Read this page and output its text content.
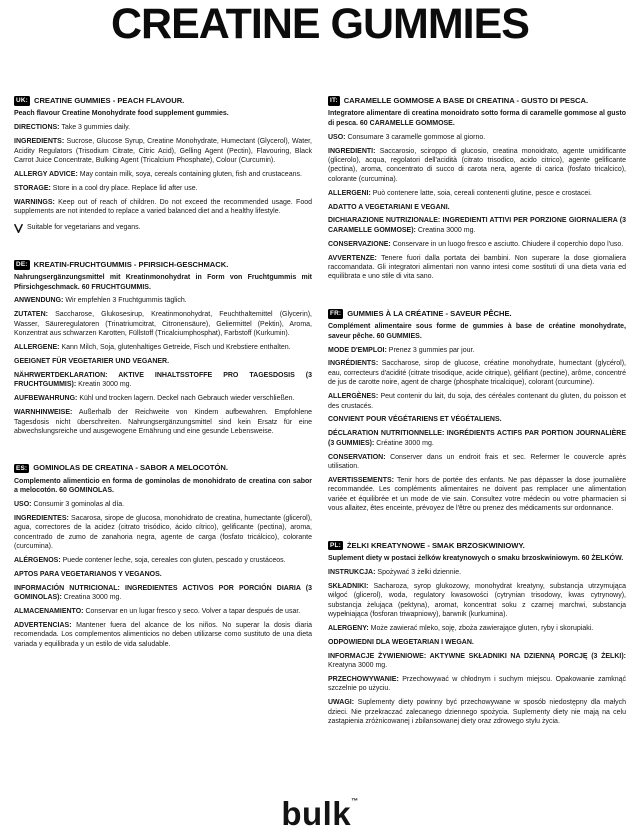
CREATINE GUMMIES
UK: CREATINE GUMMIES - PEACH FLAVOUR.

Peach flavour Creatine Monohydrate food supplement gummies.

DIRECTIONS: Take 3 gummies daily.

INGREDIENTS: Sucrose, Glucose Syrup, Creatine Monohydrate, Humectant (Glycerol), Water, Acidity Regulators (Trisodium Citrate, Citric Acid), Gelling Agent (Pectin), Flavouring, Black Carrot Juice Concentrate, Bulking Agent (Tricalcium Phosphate), Colour (Curcumin).

ALLERGY ADVICE: May contain milk, soya, cereals containing gluten, fish and crustaceans.

STORAGE: Store in a cool dry place. Replace lid after use.

WARNINGS: Keep out of reach of children. Do not exceed the recommended usage. Food supplements are not intended to replace a varied balanced diet and a healthy lifestyle.

Suitable for vegetarians and vegans.

DE: KREATIN-FRUCHTGUMMIS - PFIRSICH-GESCHMACK.

Nahrungsergänzungsmittel mit Kreatinmonohydrat in Form von Fruchtgummis mit Pfirsichgeschmack. 60 FRUCHTGUMMIS.

ANWENDUNG: Wir empfehlen 3 Fruchtgummis täglich.

ZUTATEN: Saccharose, Glukosesirup, Kreatinmonohydrat, Feuchthaltemittel (Glycerin), Wasser, Säureregulatoren (Trinatriumcitrat, Citronensäure), Geliermittel (Pektin), Aroma, Konzentrat aus schwarzen Karotten, Füllstoff (Tricalciumphosphat), Farbstoff (Kurkumin).

ALLERGENE: Kann Milch, Soja, glutenhaltiges Getreide, Fisch und Krebstiere enthalten.

GEEIGNET FÜR VEGETARIER UND VEGANER.

NÄHRWERTDEKLARATION: AKTIVE INHALTSSTOFFE PRO TAGESDOSIS (3 FRUCHTGUMMIS): Kreatin 3000 mg.

AUFBEWAHRUNG: Kühl und trocken lagern. Deckel nach Gebrauch wieder verschließen.

WARNHINWEISE: Außerhalb der Reichweite von Kindern aufbewahren. Empfohlene Tagesdosis nicht überschreiten. Nahrungsergänzungsmittel sind kein Ersatz für eine abwechslungsreiche und ausgewogene Ernährung und eine gesunde Lebensweise.

ES: GOMINOLAS DE CREATINA - SABOR A MELOCOTÓN.

Complemento alimenticio en forma de gominolas de monohidrato de creatina con sabor a melocotón. 60 GOMINOLAS.

USO: Consumir 3 gominolas al día.

INGREDIENTES: Sacarosa, sirope de glucosa, monohidrato de creatina, humectante (glicerol), agua, correctores de la acidez (citrato trisódico, ácido cítrico), gelificante (pectina), aroma, concentrado de zumo de zanahoria negra, agente de carga (fosfato tricálcico), colorante (curcumina).

ALÉRGENOS: Puede contener leche, soja, cereales con gluten, pescado y crustáceos.

APTOS PARA VEGETARIANOS Y VEGANOS.

INFORMACIÓN NUTRICIONAL: INGREDIENTES ACTIVOS POR PORCIÓN DIARIA (3 GOMINOLAS): Creatina 3000 mg.

ALMACENAMIENTO: Conservar en un lugar fresco y seco. Volver a tapar después de usar.

ADVERTENCIAS: Mantener fuera del alcance de los niños. No superar la dosis diaria recomendada. Los complementos alimenticios no deben utilizarse como sustituto de una dieta variada y equilibrada y un estilo de vida saludable.

IT: CARAMELLE GOMMOSE A BASE DI CREATINA - GUSTO DI PESCA.

Integratore alimentare di creatina monoidrato sotto forma di caramelle gommose al gusto di pesca. 60 CARAMELLE GOMMOSE.

USO: Consumare 3 caramelle gommose al giorno.

INGREDIENTI: Saccarosio, sciroppo di glucosio, creatina monoidrato, agente umidificante (glicerolo), acqua, regolatori dell'acidità (citrato trisodico, acido citrico), agente gelificante (pectina), aroma, concentrato di succo di carota nera, agente di carica (fosfato tricalcico), colorante (curcumina).

ALLERGENI: Può contenere latte, soia, cereali contenenti glutine, pesce e crostacei.

ADATTO A VEGETARIANI E VEGANI.

DICHIARAZIONE NUTRIZIONALE: INGREDIENTI ATTIVI PER PORZIONE GIORNALIERA (3 CARAMELLE GOMMOSE): Creatina 3000 mg.

CONSERVAZIONE: Conservare in un luogo fresco e asciutto. Chiudere il coperchio dopo l'uso.

AVVERTENZE: Tenere fuori dalla portata dei bambini. Non superare la dose giornaliera raccomandata. Gli integratori alimentari non vanno intesi come sostituti di una dieta varia ed equilibrata e uno stile di vita sano.

FR: GUMMIES À LA CRÉATINE - SAVEUR PÊCHE.

Complément alimentaire sous forme de gummies à base de créatine monohydrate, saveur pêche. 60 GUMMIES.

MODE D'EMPLOI: Prenez 3 gummies par jour.

INGRÉDIENTS: Saccharose, sirop de glucose, créatine monohydrate, humectant (glycérol), eau, correcteurs d'acidité (citrate trisodique, acide citrique), gélifiant (pectine), arôme, concentré de jus de carotte noire, agent de charge (phosphate tricalcique), colorant (curcumine).

ALLERGÈNES: Peut contenir du lait, du soja, des céréales contenant du gluten, du poisson et des crustacés.

CONVIENT POUR VÉGÉTARIENS ET VÉGÉTALIENS.

DÉCLARATION NUTRITIONNELLE: INGRÉDIENTS ACTIFS PAR PORTION JOURNALIÈRE (3 GUMMIES): Créatine 3000 mg.

CONSERVATION: Conserver dans un endroit frais et sec. Refermer le couvercle après utilisation.

AVERTISSEMENTS: Tenir hors de portée des enfants. Ne pas dépasser la dose journalière recommandée. Les compléments alimentaires ne doivent pas remplacer une alimentation variée et équilibrée et un mode de vie sain. Consultez votre médecin ou votre pharmacien si vous allaitez, êtes enceinte, prévoyez de l'être ou prenez des médicaments sur ordonnance.

PL: ŻELKI KREATYNOWE - SMAK BRZOSKWINIOWY.

Suplement diety w postaci żelków kreatynowych o smaku brzoskwiniowym. 60 ŻELKÓW.

INSTRUKCJA: Spożywać 3 żelki dziennie.

SKŁADNIKI: Sacharoza, syrop glukozowy, monohydrat kreatyny, substancja utrzymująca wilgoć (glicerol), woda, regulatory kwasowości (cytrynian trisodowy, kwas cytrynowy), substancja żelująca (pektyna), aromat, koncentrat soku z czarnej marchwi, substancja wypełniająca (fosforan triwapniowy), barwnik (kurkumina).

ALERGENY: Może zawierać mleko, soję, zboża zawierające gluten, ryby i skorupiaki.

ODPOWIEDNI DLA WEGETARIAN I WEGAN.

INFORMACJE ŻYWIENIOWE: AKTYWNE SKŁADNIKI NA DZIENNĄ PORCJĘ (3 ŻELKI): Kreatyna 3000 mg.

PRZECHOWYWANIE: Przechowywać w chłodnym i suchym miejscu. Opakowanie zamknąć szczelnie po użyciu.

UWAGI: Suplementy diety powinny być przechowywane w sposób niedostępny dla małych dzieci. Nie przekraczać zalecanego dziennego spożycia. Suplementy diety nie mają na celu zastąpienia zróżnicowanej i zbilansowanej diety oraz zdrowego stylu życia.

bulk™
